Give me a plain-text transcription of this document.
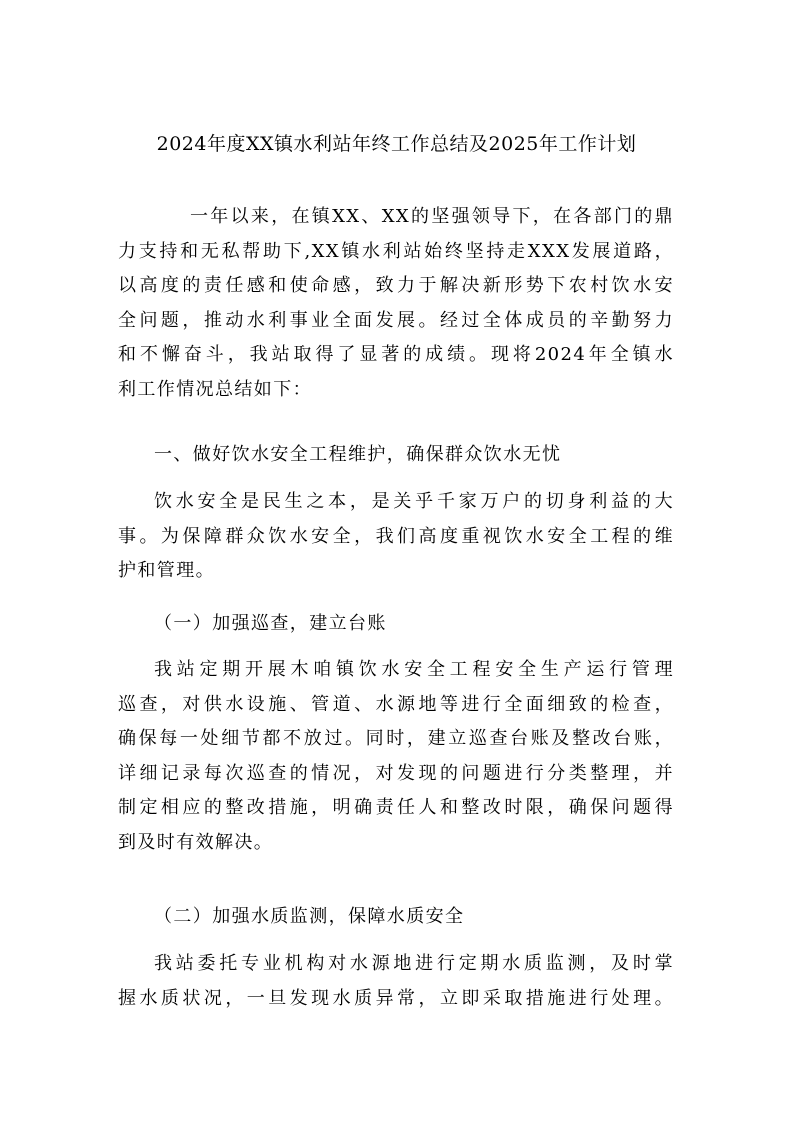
2024年度XX镇水利站年终工作总结及2025年工作计划
一年以来，在镇XX、XX的坚强领导下，在各部门的鼎
力支持和无私帮助下,XX镇水利站始终坚持走XXX发展道路，
以高度的责任感和使命感，致力于解决新形势下农村饮水安
全问题，推动水利事业全面发展。经过全体成员的辛勤努力
和不懈奋斗，我站取得了显著的成绩。现将2024年全镇水
利工作情况总结如下：
一、做好饮水安全工程维护，确保群众饮水无忧
饮水安全是民生之本，是关乎千家万户的切身利益的大
事。为保障群众饮水安全，我们高度重视饮水安全工程的维
护和管理。
（一）加强巡查，建立台账
我站定期开展木咱镇饮水安全工程安全生产运行管理
巡查，对供水设施、管道、水源地等进行全面细致的检查，
确保每一处细节都不放过。同时，建立巡查台账及整改台账，
详细记录每次巡查的情况，对发现的问题进行分类整理，并
制定相应的整改措施，明确责任人和整改时限，确保问题得
到及时有效解决。
（二）加强水质监测，保障水质安全
我站委托专业机构对水源地进行定期水质监测，及时掌
握水质状况，一旦发现水质异常，立即采取措施进行处理。
